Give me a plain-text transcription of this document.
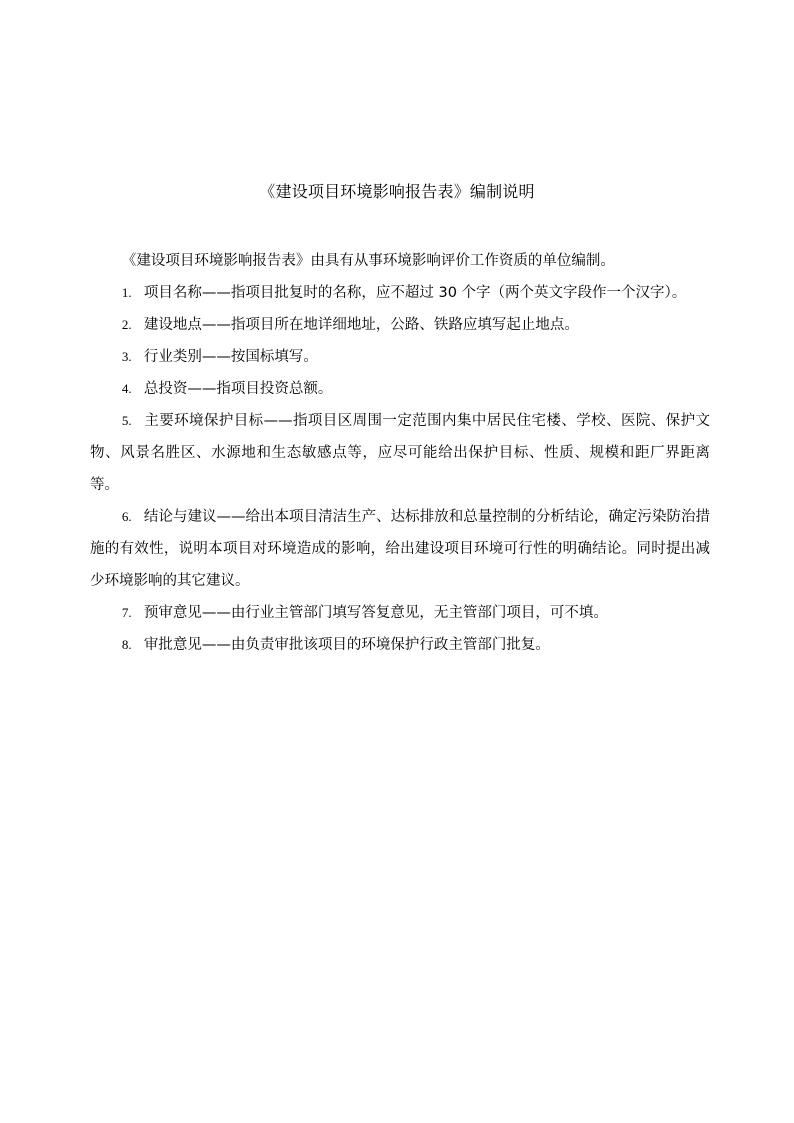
《建设项目环境影响报告表》编制说明

《建设项目环境影响报告表》由具有从事环境影响评价工作资质的单位编制。

1. 项目名称——指项目批复时的名称，应不超过 30 个字（两个英文字段作一个汉字）。

2. 建设地点——指项目所在地详细地址，公路、铁路应填写起止地点。

3. 行业类别——按国标填写。

4. 总投资——指项目投资总额。

5. 主要环境保护目标——指项目区周围一定范围内集中居民住宅楼、学校、医院、保护文物、风景名胜区、水源地和生态敏感点等，应尽可能给出保护目标、性质、规模和距厂界距离等。

6. 结论与建议——给出本项目清洁生产、达标排放和总量控制的分析结论，确定污染防治措施的有效性，说明本项目对环境造成的影响，给出建设项目环境可行性的明确结论。同时提出减少环境影响的其它建议。

7. 预审意见——由行业主管部门填写答复意见，无主管部门项目，可不填。

8. 审批意见——由负责审批该项目的环境保护行政主管部门批复。
